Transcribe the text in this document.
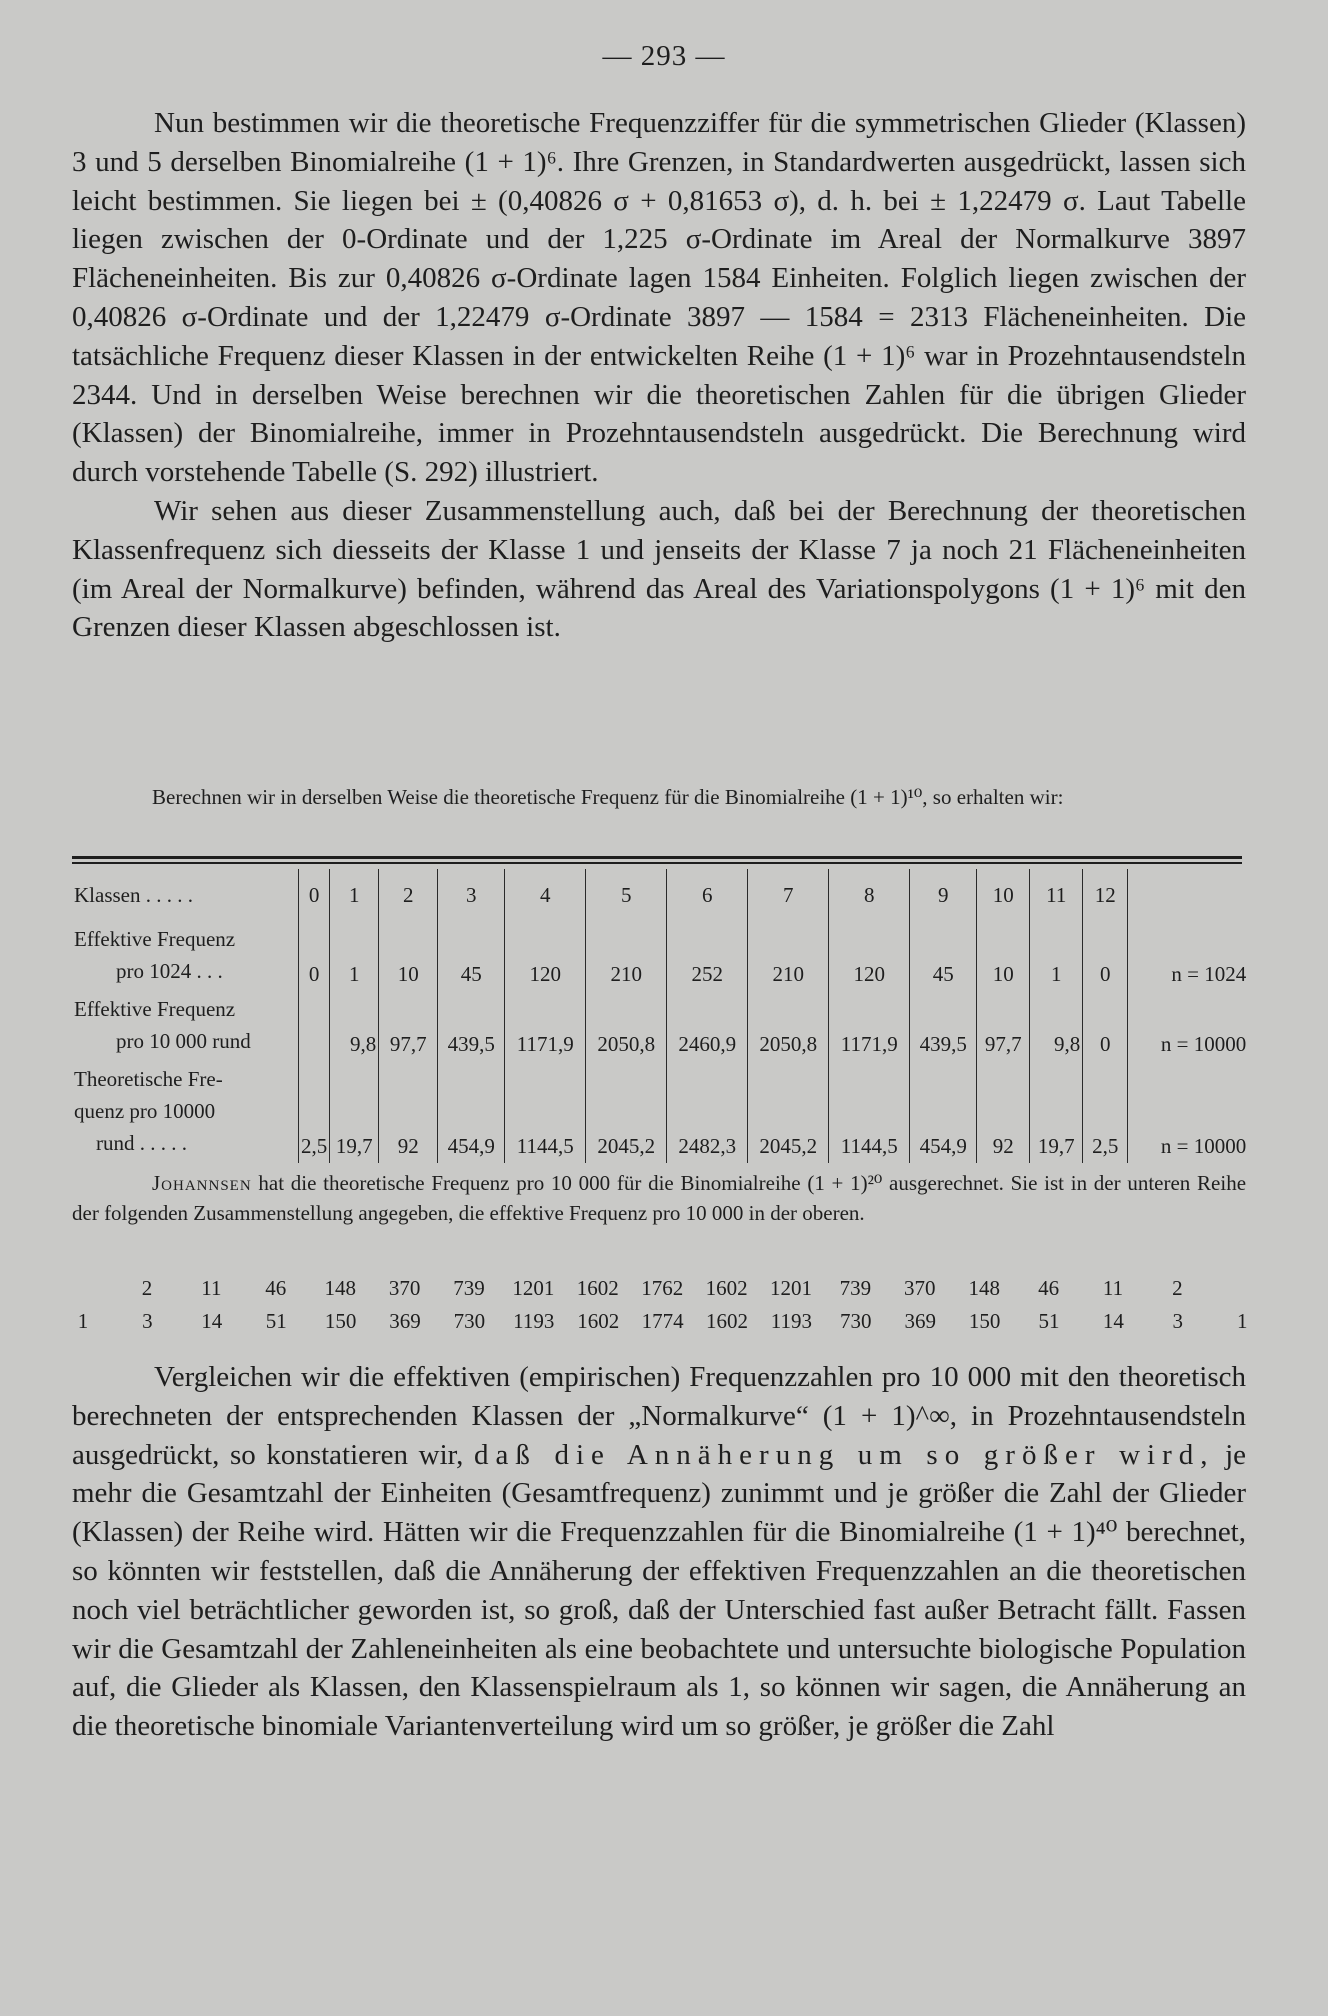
— 293 —

Nun bestimmen wir die theoretische Frequenzziffer für die symmetrischen Glieder (Klassen) 3 und 5 derselben Binomialreihe (1 + 1)⁶. Ihre Grenzen, in Standardwerten ausgedrückt, lassen sich leicht bestimmen. Sie liegen bei ± (0,40826 σ + 0,81653 σ), d. h. bei ± 1,22479 σ. Laut Tabelle liegen zwischen der 0-Ordinate und der 1,225 σ-Ordinate im Areal der Normalkurve 3897 Flächeneinheiten. Bis zur 0,40826 σ-Ordinate lagen 1584 Einheiten. Folglich liegen zwischen der 0,40826 σ-Ordinate und der 1,22479 σ-Ordinate 3897 — 1584 = 2313 Flächeneinheiten. Die tatsächliche Frequenz dieser Klassen in der entwickelten Reihe (1 + 1)⁶ war in Prozehntausendsteln 2344. Und in derselben Weise berechnen wir die theoretischen Zahlen für die übrigen Glieder (Klassen) der Binomialreihe, immer in Prozehntausendsteln ausgedrückt. Die Berechnung wird durch vorstehende Tabelle (S. 292) illustriert.

Wir sehen aus dieser Zusammenstellung auch, daß bei der Berechnung der theoretischen Klassenfrequenz sich diesseits der Klasse 1 und jenseits der Klasse 7 ja noch 21 Flächeneinheiten (im Areal der Normalkurve) befinden, während das Areal des Variationspolygons (1 + 1)⁶ mit den Grenzen dieser Klassen abgeschlossen ist.

Berechnen wir in derselben Weise die theoretische Frequenz für die Binomialreihe (1 + 1)¹⁰, so erhalten wir:

Klassen . . . . .	0	1	2	3	4	5	6	7	8	9	10	11	12	

Effektive Frequenz
pro 1024 . . .	0	1	10	45	120	210	252	210	120	45	10	1	0	n = 1024

Effektive Frequenz
pro 10 000 rund		9,8	97,7	439,5	1171,9	2050,8	2460,9	2050,8	1171,9	439,5	97,7	9,8	0	n = 10000

Theoretische Fre-
quenz pro 10000
rund . . . . .	2,5	19,7	92	454,9	1144,5	2045,2	2482,3	2045,2	1144,5	454,9	92	19,7	2,5	n = 10000

Johannsen hat die theoretische Frequenz pro 10 000 für die Binomialreihe (1 + 1)²⁰ ausgerechnet. Sie ist in der unteren Reihe der folgenden Zusammenstellung angegeben, die effektive Frequenz pro 10 000 in der oberen.

2	11	46	148	370	739	1201	1602	1762	1602	1201	739	370	148	46	11	2
1	3	14	51	150	369	730	1193	1602	1774	1602	1193	730	369	150	51	14	3	1

Vergleichen wir die effektiven (empirischen) Frequenzzahlen pro 10 000 mit den theoretisch berechneten der entsprechenden Klassen der „Normalkurve“ (1 + 1)^∞, in Prozehntausendsteln ausgedrückt, so konstatieren wir, daß die Annäherung um so größer wird, je mehr die Gesamtzahl der Einheiten (Gesamtfrequenz) zunimmt und je größer die Zahl der Glieder (Klassen) der Reihe wird. Hätten wir die Frequenzzahlen für die Binomialreihe (1 + 1)⁴⁰ berechnet, so könnten wir feststellen, daß die Annäherung der effektiven Frequenzzahlen an die theoretischen noch viel beträchtlicher geworden ist, so groß, daß der Unterschied fast außer Betracht fällt. Fassen wir die Gesamtzahl der Zahleneinheiten als eine beobachtete und untersuchte biologische Population auf, die Glieder als Klassen, den Klassenspielraum als 1, so können wir sagen, die Annäherung an die theoretische binomiale Variantenverteilung wird um so größer, je größer die Zahl
